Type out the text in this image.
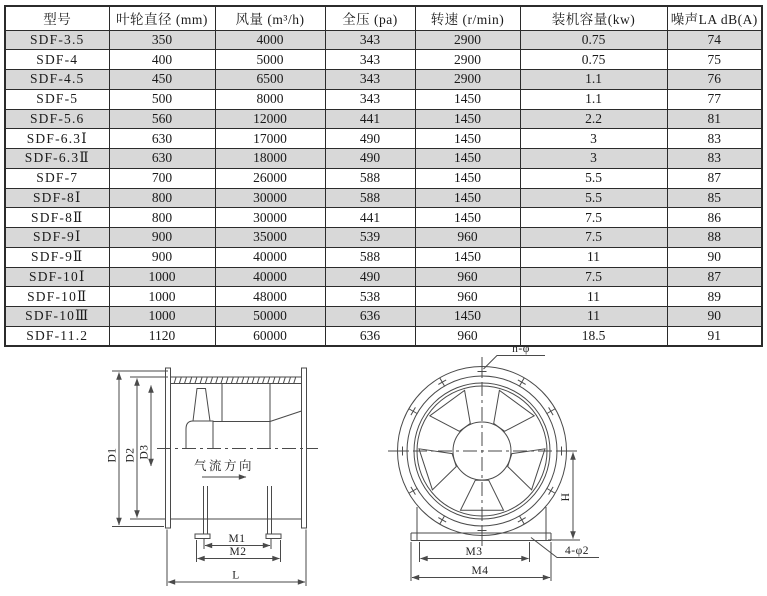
型号	叶轮直径 (mm)	风量 (m³/h)	全压 (pa)	转速 (r/min)	装机容量(kw)	噪声LA dB(A)
SDF-3.5	350	4000	343	2900	0.75	74
SDF-4	400	5000	343	2900	0.75	75
SDF-4.5	450	6500	343	2900	1.1	76
SDF-5	500	8000	343	1450	1.1	77
SDF-5.6	560	12000	441	1450	2.2	81
SDF-6.3Ⅰ	630	17000	490	1450	3	83
SDF-6.3Ⅱ	630	18000	490	1450	3	83
SDF-7	700	26000	588	1450	5.5	87
SDF-8Ⅰ	800	30000	588	1450	5.5	85
SDF-8Ⅱ	800	30000	441	1450	7.5	86
SDF-9Ⅰ	900	35000	539	960	7.5	88
SDF-9Ⅱ	900	40000	588	1450	11	90
SDF-10Ⅰ	1000	40000	490	960	7.5	87
SDF-10Ⅱ	1000	48000	538	960	11	89
SDF-10Ⅲ	1000	50000	636	1450	11	90
SDF-11.2	1120	60000	636	960	18.5	91
气流方向
D1 D2 D3
M1
M2
L
n-φ
4-φ2
H
M3
M4
